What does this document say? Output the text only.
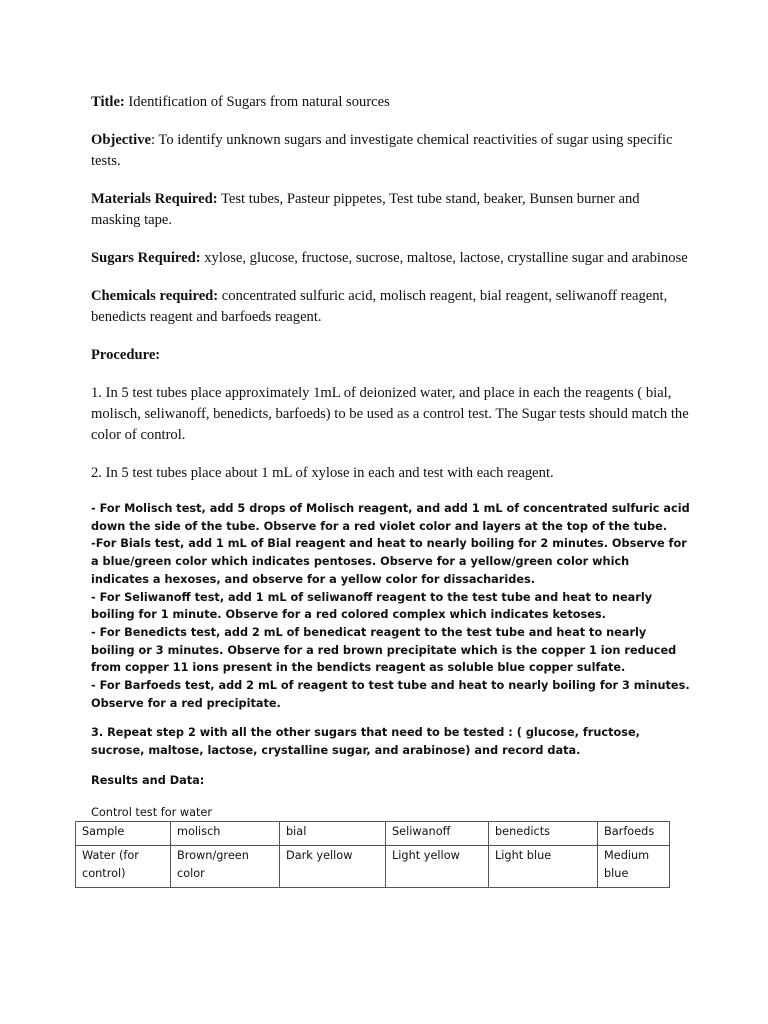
Title: Identification of Sugars from natural sources

Objective: To identify unknown sugars and investigate chemical reactivities of sugar using specific tests.

Materials Required: Test tubes, Pasteur pippetes, Test tube stand, beaker, Bunsen burner and masking tape.

Sugars Required: xylose, glucose, fructose, sucrose, maltose, lactose, crystalline sugar and arabinose

Chemicals required: concentrated sulfuric acid, molisch reagent, bial reagent, seliwanoff reagent, benedicts reagent and barfoeds reagent.

Procedure:

1. In 5 test tubes place approximately 1mL of deionized water, and place in each the reagents ( bial, molisch, seliwanoff, benedicts, barfoeds) to be used as a control test. The Sugar tests should match the color of control.

2. In 5 test tubes place about 1 mL of xylose in each and test with each reagent.

- For Molisch test, add 5 drops of Molisch reagent, and add 1 mL of concentrated sulfuric acid down the side of the tube. Observe for a red violet color and layers at the top of the tube.
-For Bials test, add 1 mL of Bial reagent and heat to nearly boiling for 2 minutes. Observe for a blue/green color which indicates pentoses. Observe for a yellow/green color which indicates a hexoses, and observe for a yellow color for dissacharides.
- For Seliwanoff test, add 1 mL of seliwanoff reagent to the test tube and heat to nearly boiling for 1 minute. Observe for a red colored complex which indicates ketoses.
- For Benedicts test, add 2 mL of benedicat reagent to the test tube and heat to nearly boiling or 3 minutes. Observe for a red brown precipitate which is the copper 1 ion reduced from copper 11 ions present in the bendicts reagent as soluble blue copper sulfate.
- For Barfoeds test, add 2 mL of reagent to test tube and heat to nearly boiling for 3 minutes. Observe for a red precipitate.

3. Repeat step 2 with all the other sugars that need to be tested : ( glucose, fructose, sucrose, maltose, lactose, crystalline sugar, and arabinose) and record data.

Results and Data:

Control test for water

Sample	molisch	bial	Seliwanoff	benedicts	Barfoeds
Water (for control)	Brown/green color	Dark yellow	Light yellow	Light blue	Medium blue
